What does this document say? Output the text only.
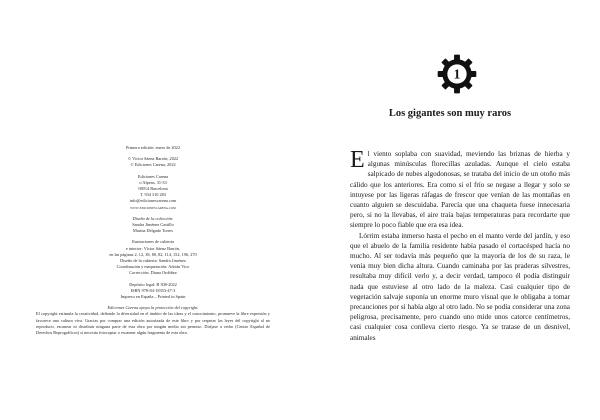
Primera edición: enero de 2022
© Víctor Sáenz Barrón, 2022
© Ediciones Carena, 2022
Ediciones Carena
c/Alpens, 31-33
08014 Barcelona
T. 934 310 283
info@edicionescarena.com
www.edicionescarena.com
Diseño de la colección:
Sandra Jiménez Castillo
Marina Delgado Torres
Ilustraciones de cubierta
e interior: Víctor Sáenz Barrón,
en las páginas 2, 12, 38, 80, 82, 114, 152, 196, 270
Diseño de la cubierta: Sandra Jiménez
Coordinación y maquetación: Adrián Vico
Corrección: Diana Ordóñez
Depósito legal: B 308-2022
ISBN 978-84-18353-47-3
Impreso en España – Printed in Spain
Ediciones Carena apoya la protección del copyright.
El copyright estimula la creatividad, defiende la diversidad en el ámbito de las ideas y el conocimiento, promueve la libre expresión y favorece una cultura viva. Gracias por comprar una edición autorizada de este libro y por respetar las leyes del copyright al no reproducir, escanear ni distribuir ninguna parte de esta obra por ningún medio sin permiso. Diríjase a cedro (Centro Español de Derechos Reprográficos) si necesita fotocopiar o escanear algún fragmento de esta obra.
1
Los gigantes son muy raros

El viento soplaba con suavidad, meviendo las briznas de hierba y algunas minúsculas florecillas azuladas. Aunque el cielo estaba salpicado de nubes algodonosas, se trataba del inicio de un otoño más cálido que los anteriores. Era como si el frío se negase a llegar y solo se intuyese por las ligeras ráfagas de frescor que venían de las montañas en cuanto alguien se descuidaba. Parecía que una chaqueta fuese innecesaria pero, si no la llevabas, el aire traía bajas temperaturas para recordarte que siempre lo poco fiable que era esa idea.

Lórrim estaba inmerso hasta el pecho en el manto verde del jardín, y eso que el abuelo de la familia residente había pasado el cortacésped hacía no mucho. Al ser todavía más pequeño que la mayoría de los de su raza, le venía muy bien dicha altura. Cuando caminaba por las praderas silvestres, resultaba muy difícil verlo y, a decir verdad, tampoco él podía distinguir nada que estuviese al otro lado de la maleza. Casi cualquier tipo de vegetación salvaje suponía un enorme muro visual que le obligaba a tomar precauciones por si había algo al otro lado. No se podía considerar una zona peligrosa, precisamente, pero cuando uno mide unos catorce centímetros, casi cualquier cosa conlleva cierto riesgo. Ya se tratase de un desnivel, animales
